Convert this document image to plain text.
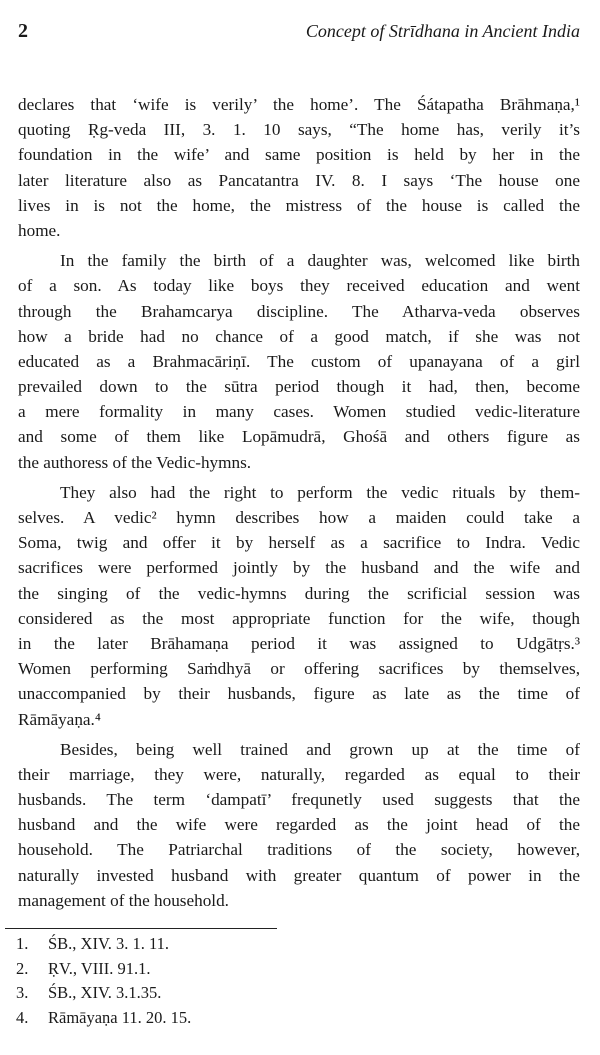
2	Concept of Strīdhana in Ancient India
declares that ‘wife is verily’ the home’. The Śátapatha Brāhmaṇa,¹
quoting Ṛg-veda III, 3. 1. 10 says, “The home has, verily it’s
foundation in the wife’ and same position is held by her in the
later literature also as Pancatantra IV. 8. I says ‘The house one
lives in is not the home, the mistress of the house is called the
home.
In the family the birth of a daughter was, welcomed like birth
of a son. As today like boys they received education and went
through the Brahamcarya discipline. The Atharva-veda observes
how a bride had no chance of a good match, if she was not
educated as a Brahmacāriṇī. The custom of upanayana of a girl
prevailed down to the sūtra period though it had, then, become
a mere formality in many cases. Women studied vedic-literature
and some of them like Lopāmudrā, Ghośā and others figure as
the authoress of the Vedic-hymns.
They also had the right to perform the vedic rituals by them-
selves. A vedic² hymn describes how a maiden could take a
Soma, twig and offer it by herself as a sacrifice to Indra. Vedic
sacrifices were performed jointly by the husband and the wife and
the singing of the vedic-hymns during the scrificial session was
considered as the most appropriate function for the wife, though
in the later Brāhamaṇa period it was assigned to Udgātṛs.³
Women performing Saṁdhyā or offering sacrifices by themselves,
unaccompanied by their husbands, figure as late as the time of
Rāmāyaṇa.⁴
Besides, being well trained and grown up at the time of
their marriage, they were, naturally, regarded as equal to their
husbands. The term ‘dampatī’ frequnetly used suggests that the
husband and the wife were regarded as the joint head of the
household. The Patriarchal traditions of the society, however,
naturally invested husband with greater quantum of power in the
management of the household.
1. ŚB., XIV. 3. 1. 11.
2. ṚV., VIII. 91.1.
3. ŚB., XIV. 3.1.35.
4. Rāmāyaṇa 11. 20. 15.
